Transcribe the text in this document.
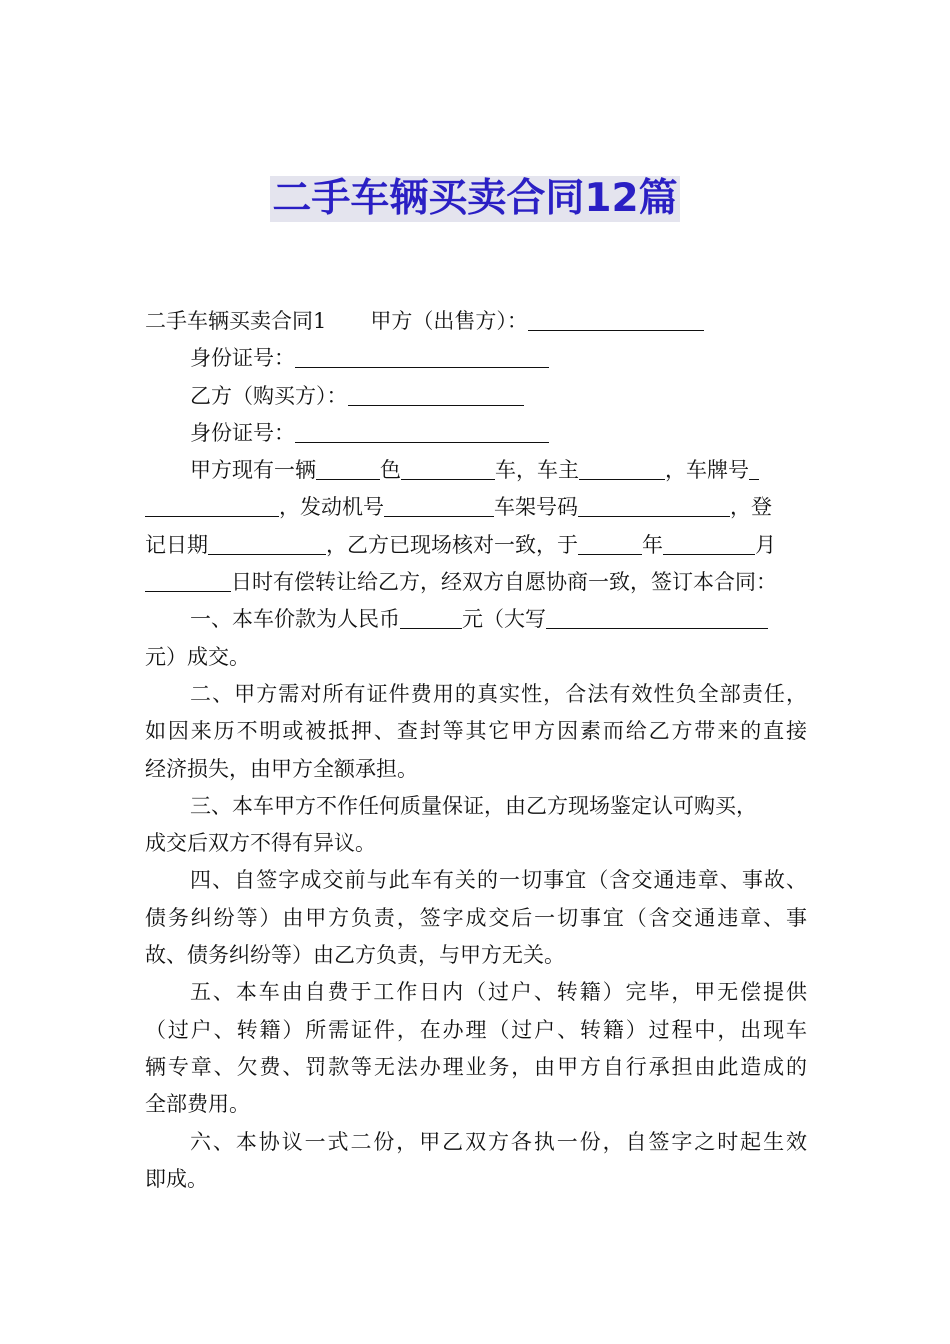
二手车辆买卖合同12篇
二手车辆买卖合同1 甲方（出售方）：
身份证号：
乙方（购买方）：
身份证号：
甲方现有一辆	色	车，车主	，车牌号
，发动机号	车架号码	，登
记日期	，乙方已现场核对一致，于	年	月
日时有偿转让给乙方，经双方自愿协商一致，签订本合同：
一、本车价款为人民币	元（大写
元）成交。
二、甲方需对所有证件费用的真实性，合法有效性负全部责任，
如因来历不明或被抵押、查封等其它甲方因素而给乙方带来的直接
经济损失，由甲方全额承担。
三、本车甲方不作任何质量保证，由乙方现场鉴定认可购买，
成交后双方不得有异议。
四、自签字成交前与此车有关的一切事宜（含交通违章、事故、
债务纠纷等）由甲方负责，签字成交后一切事宜（含交通违章、事
故、债务纠纷等）由乙方负责，与甲方无关。
五、本车由自费于工作日内（过户、转籍）完毕，甲无偿提供
（过户、转籍）所需证件，在办理（过户、转籍）过程中，出现车
辆专章、欠费、罚款等无法办理业务，由甲方自行承担由此造成的
全部费用。
六、本协议一式二份，甲乙双方各执一份，自签字之时起生效
即成。
